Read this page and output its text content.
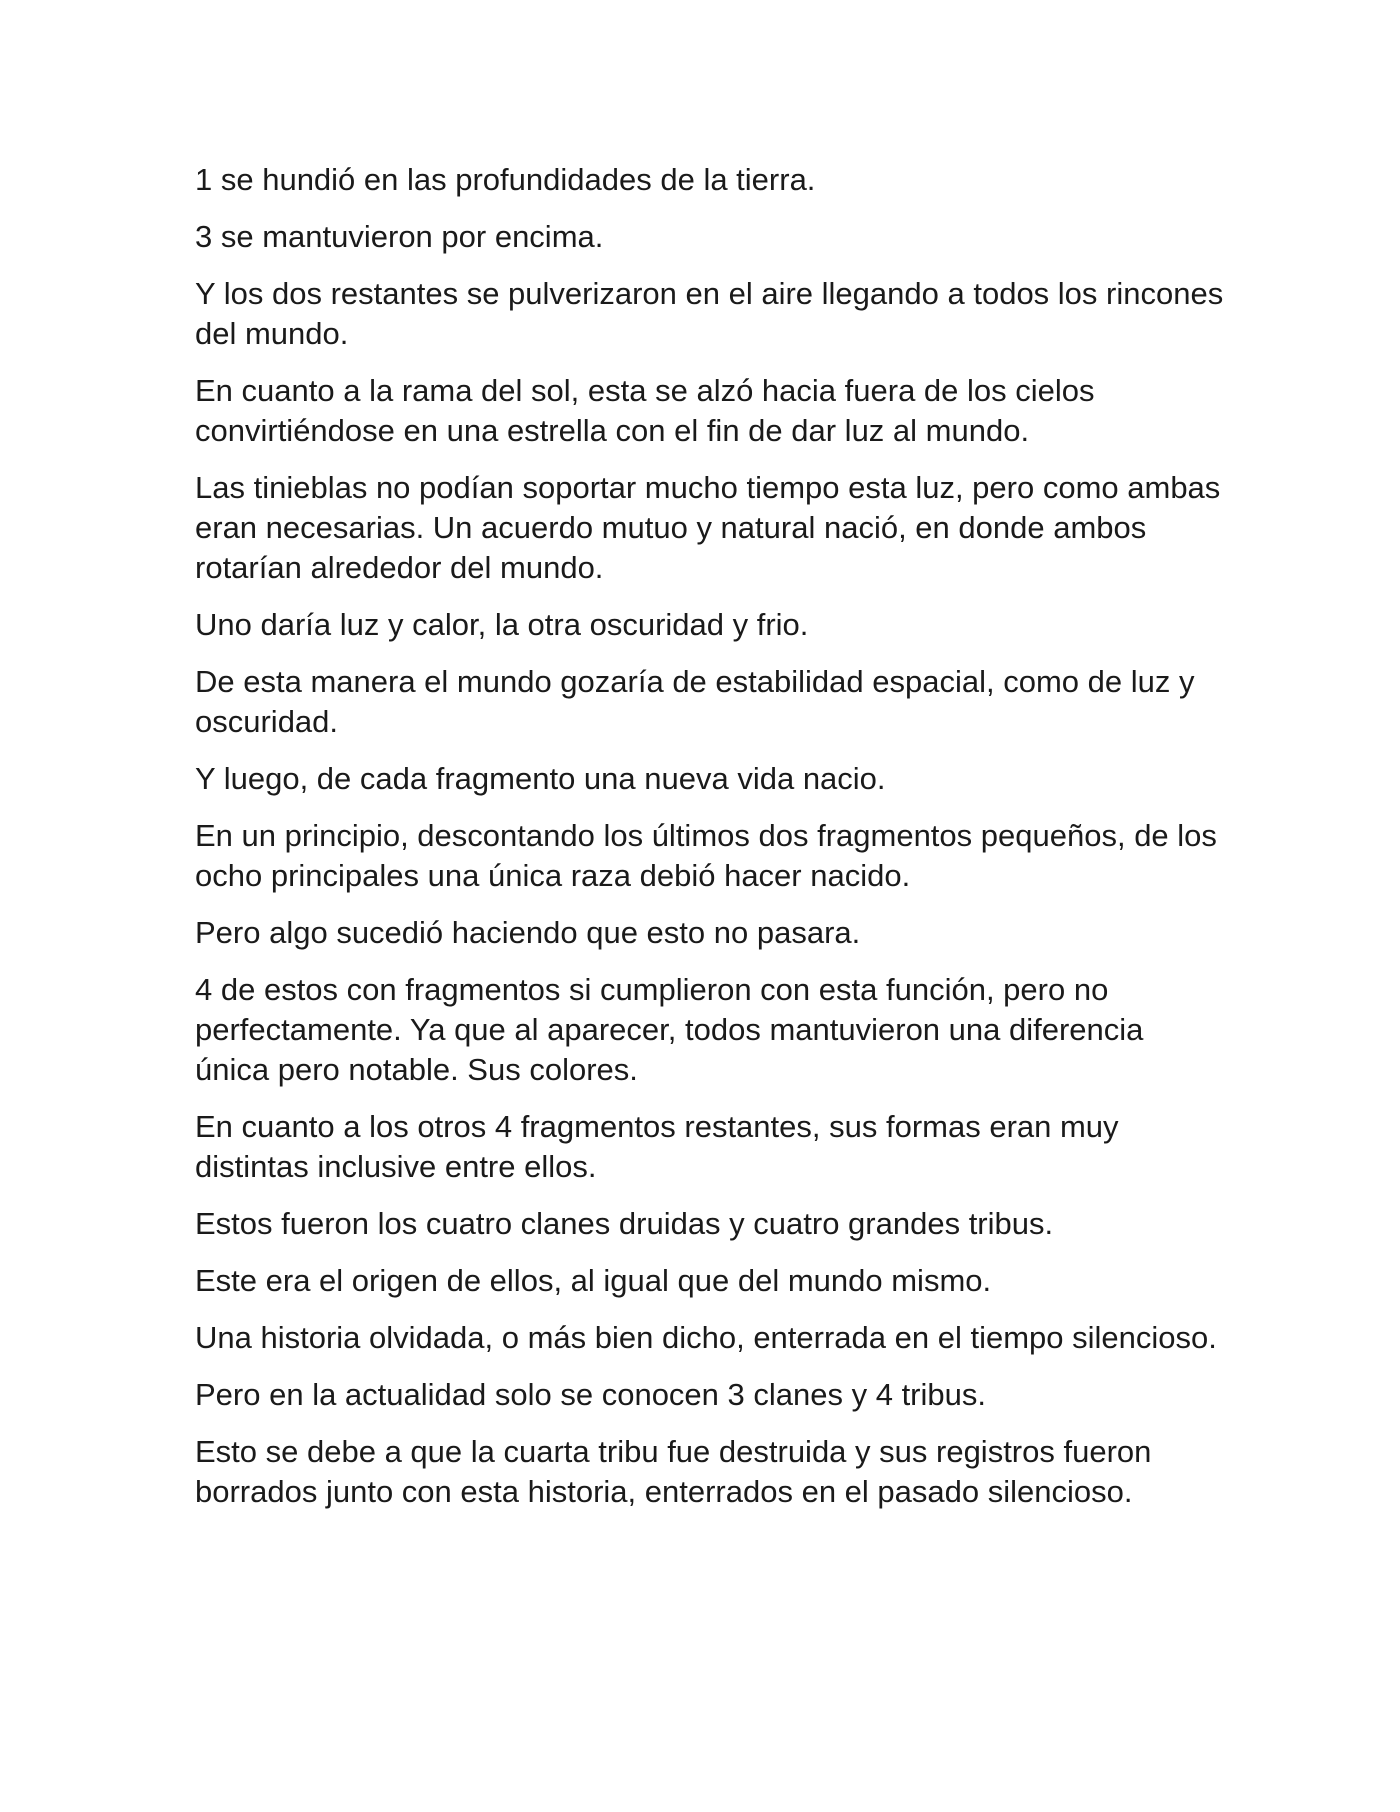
1 se hundió en las profundidades de la tierra.

3 se mantuvieron por encima.

Y los dos restantes se pulverizaron en el aire llegando a todos los rincones del mundo.

En cuanto a la rama del sol, esta se alzó hacia fuera de los cielos convirtiéndose en una estrella con el fin de dar luz al mundo.

Las tinieblas no podían soportar mucho tiempo esta luz, pero como ambas eran necesarias. Un acuerdo mutuo y natural nació, en donde ambos rotarían alrededor del mundo.

Uno daría luz y calor, la otra oscuridad y frio.

De esta manera el mundo gozaría de estabilidad espacial, como de luz y oscuridad.

Y luego, de cada fragmento una nueva vida nacio.

En un principio, descontando los últimos dos fragmentos pequeños, de los ocho principales una única raza debió hacer nacido.

Pero algo sucedió haciendo que esto no pasara.

4 de estos con fragmentos si cumplieron con esta función, pero no perfectamente. Ya que al aparecer, todos mantuvieron una diferencia única pero notable. Sus colores.

En cuanto a los otros 4 fragmentos restantes, sus formas eran muy distintas inclusive entre ellos.

Estos fueron los cuatro clanes druidas y cuatro grandes tribus.

Este era el origen de ellos, al igual que del mundo mismo.

Una historia olvidada, o más bien dicho, enterrada en el tiempo silencioso.

Pero en la actualidad solo se conocen 3 clanes y 4 tribus.

Esto se debe a que la cuarta tribu fue destruida y sus registros fueron borrados junto con esta historia, enterrados en el pasado silencioso.
